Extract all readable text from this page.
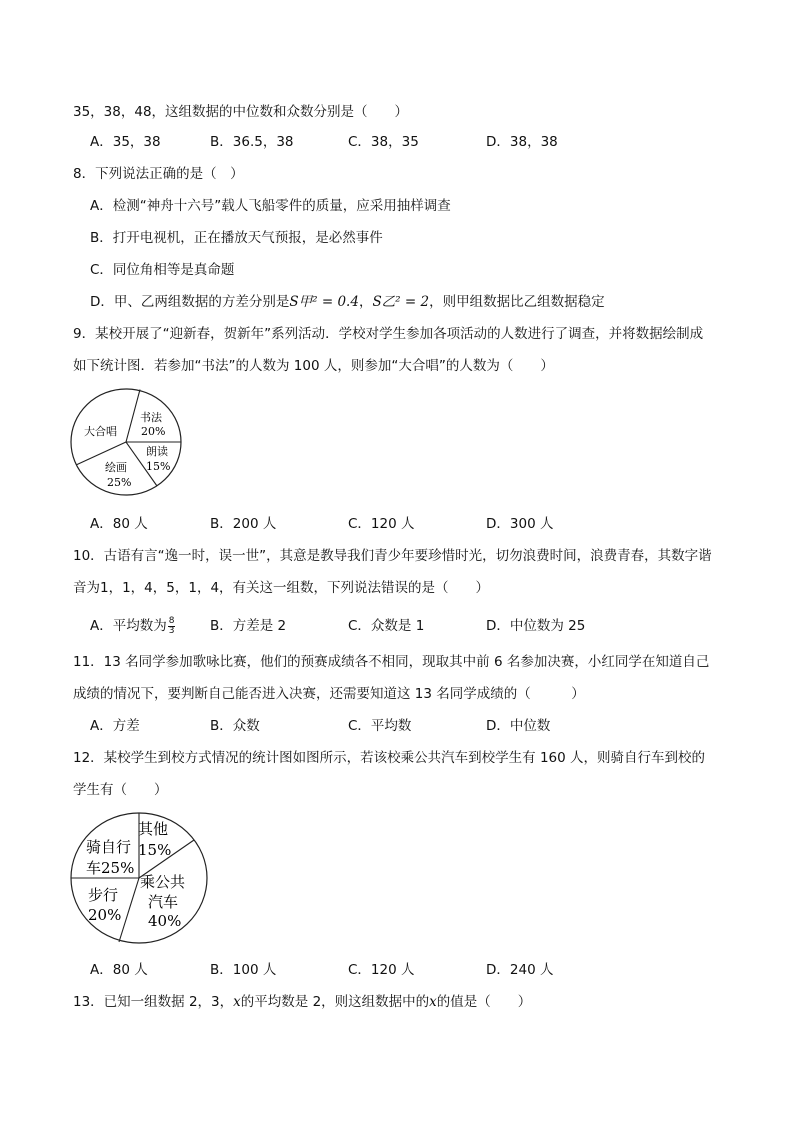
35，38，48，这组数据的中位数和众数分别是（　　）
A．35，38	B．36.5，38	C．38，35	D．38，38
8．下列说法正确的是（　）
A．检测“神舟十六号”载人飞船零件的质量，应采用抽样调查
B．打开电视机，正在播放天气预报，是必然事件
C．同位角相等是真命题
D．甲、乙两组数据的方差分别是S甲² = 0.4，S乙² = 2，则甲组数据比乙组数据稳定
9．某校开展了“迎新春，贺新年”系列活动．学校对学生参加各项活动的人数进行了调查，并将数据绘制成
如下统计图．若参加“书法”的人数为 100 人，则参加“大合唱”的人数为（　　）
大合唱
书法
20%
朗读
15%
绘画
25%
A．80 人	B．200 人	C．120 人	D．300 人
10．古语有言“逸一时，误一世”，其意是教导我们青少年要珍惜时光，切勿浪费时间，浪费青春，其数字谐
音为1，1，4，5，1，4，有关这一组数，下列说法错误的是（　　）
A．平均数为 $\frac{8}{3}$	B．方差是 2	C．众数是 1	D．中位数为 25
11．13 名同学参加歌咏比赛，他们的预赛成绩各不相同，现取其中前 6 名参加决赛，小红同学在知道自己
成绩的情况下，要判断自己能否进入决赛，还需要知道这 13 名同学成绩的（　　　）
A．方差	B．众数	C．平均数	D．中位数
12．某校学生到校方式情况的统计图如图所示，若该校乘公共汽车到校学生有 160 人，则骑自行车到校的
学生有（　　）
骑自行
车25%
其他
15%
乘公共
汽车
40%
步行
20%
A．80 人	B．100 人	C．120 人	D．240 人
13．已知一组数据 2，3，x的平均数是 2，则这组数据中的x的值是（　　）
